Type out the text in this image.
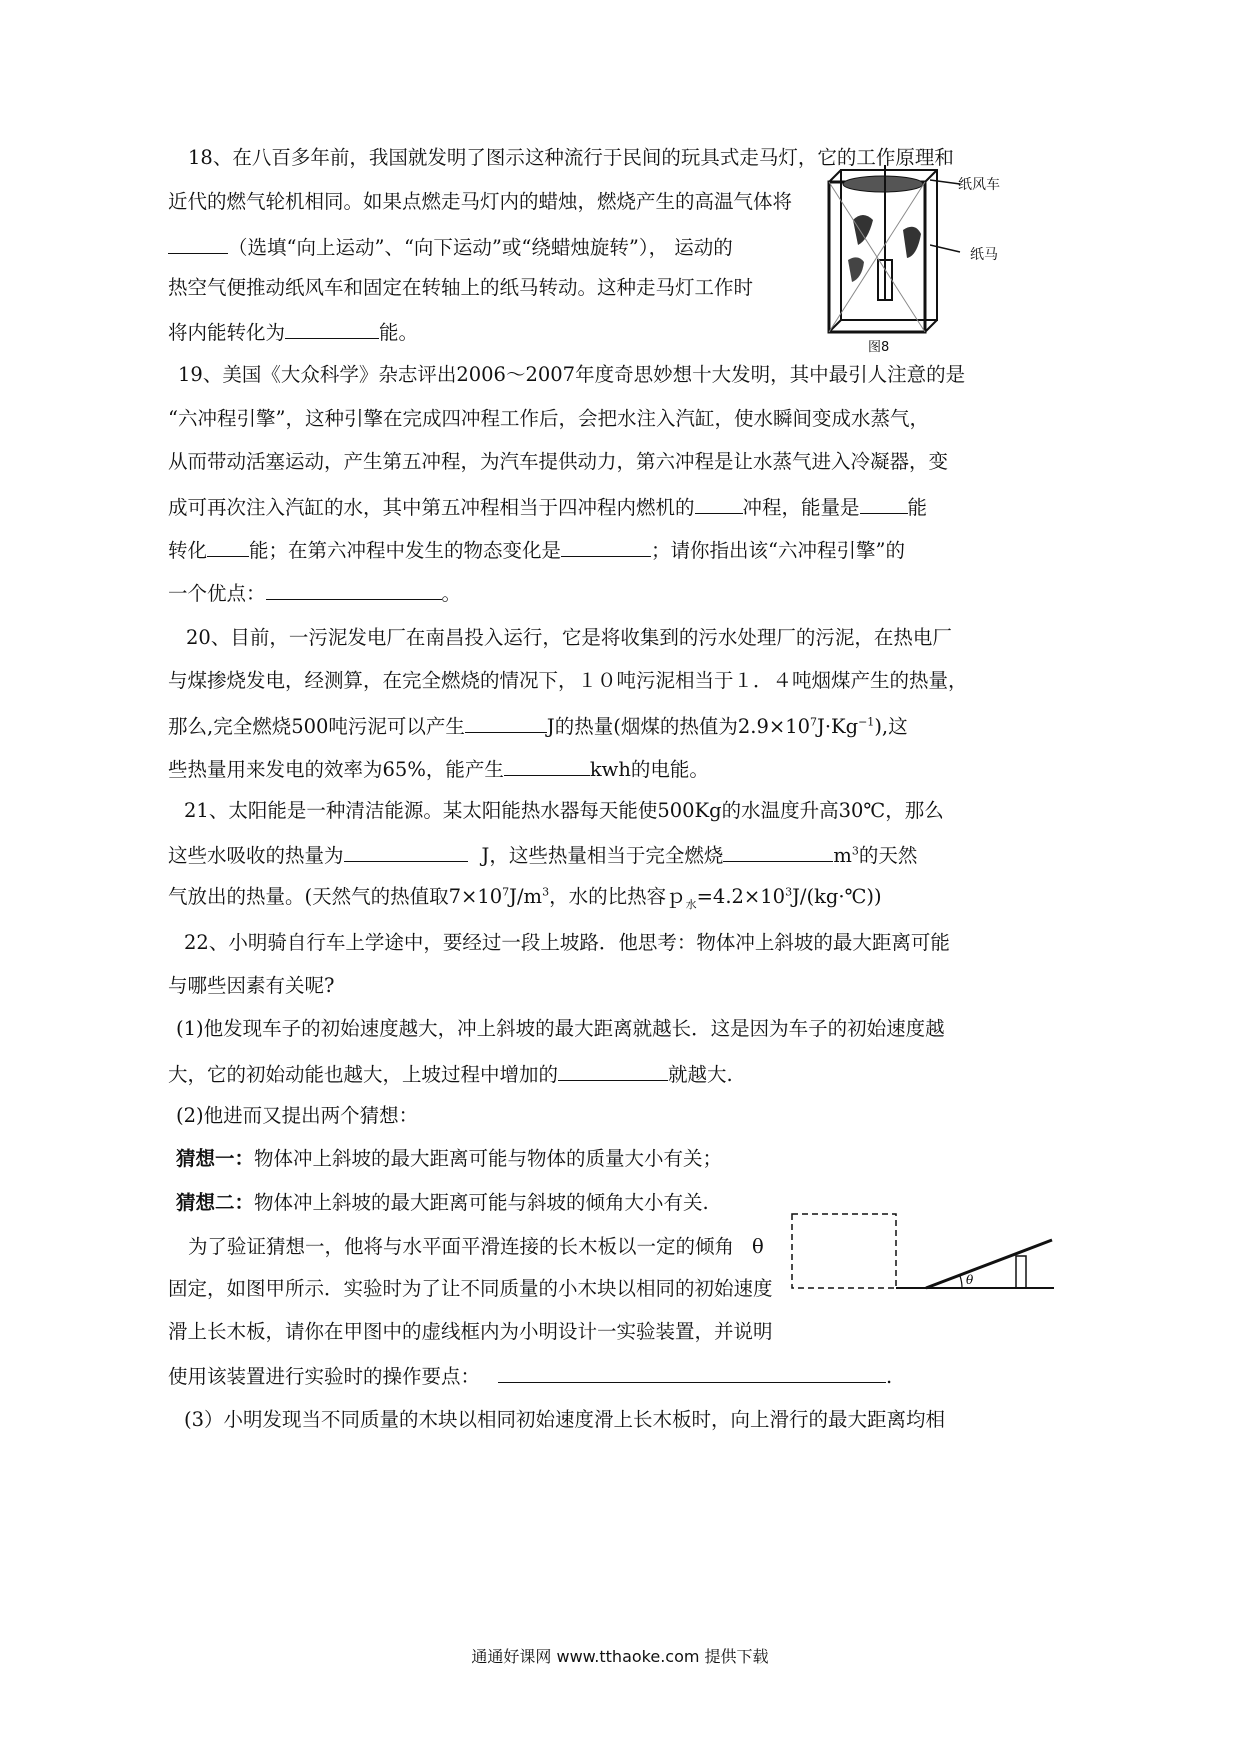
18、在八百多年前，我国就发明了图示这种流行于民间的玩具式走马灯，它的工作原理和
近代的燃气轮机相同。如果点燃走马灯内的蜡烛，燃烧产生的高温气体将
（选填“向上运动”、“向下运动”或“绕蜡烛旋转”）， 运动的
热空气便推动纸风车和固定在转轴上的纸马转动。这种走马灯工作时
将内能转化为	能。
纸风车
纸马
图8
19、美国《大众科学》杂志评出2006～2007年度奇思妙想十大发明，其中最引人注意的是
“六冲程引擎”，这种引擎在完成四冲程工作后，会把水注入汽缸，使水瞬间变成水蒸气，
从而带动活塞运动，产生第五冲程，为汽车提供动力，第六冲程是让水蒸气进入冷凝器，变
成可再次注入汽缸的水，其中第五冲程相当于四冲程内燃机的 冲程，能量是 能
转化 能；在第六冲程中发生的物态变化是	；请你指出该“六冲程引擎”的
一个优点：	。
20、目前，一污泥发电厂在南昌投入运行，它是将收集到的污水处理厂的污泥，在热电厂
与煤掺烧发电，经测算，在完全燃烧的情况下，１０吨污泥相当于１．４吨烟煤产生的热量，
那么,完全燃烧500吨污泥可以产生	J的热量(烟煤的热值为$2.9\times 10^7J\cdot Kg^{-1}$),这
些热量用来发电的效率为65%，能产生	kwh的电能。
21、太阳能是一种清洁能源。某太阳能热水器每天能使500Kg的水温度升高30℃，那么
这些水吸收的热量为	J，这些热量相当于完全燃烧	$m^3$的天然
气放出的热量。(天然气的热值取$7\times 10^7J/m^3$，水的比热容$p_水=4.2\times 10^3J/(kg\cdot℃)$)
22、小明骑自行车上学途中，要经过一段上坡路．他思考：物体冲上斜坡的最大距离可能
与哪些因素有关呢?
(1)他发现车子的初始速度越大，冲上斜坡的最大距离就越长．这是因为车子的初始速度越
大，它的初始动能也越大，上坡过程中增加的	就越大.
(2)他进而又提出两个猜想：
猜想一：物体冲上斜坡的最大距离可能与物体的质量大小有关；
猜想二：物体冲上斜坡的最大距离可能与斜坡的倾角大小有关.
为了验证猜想一，他将与水平面平滑连接的长木板以一定的倾角 θ
固定，如图甲所示．实验时为了让不同质量的小木块以相同的初始速度
滑上长木板，请你在甲图中的虚线框内为小明设计一实验装置，并说明
使用该装置进行实验时的操作要点：	.
(3）小明发现当不同质量的木块以相同初始速度滑上长木板时，向上滑行的最大距离均相
θ
通通好课网 www.tthaoke.com 提供下载
